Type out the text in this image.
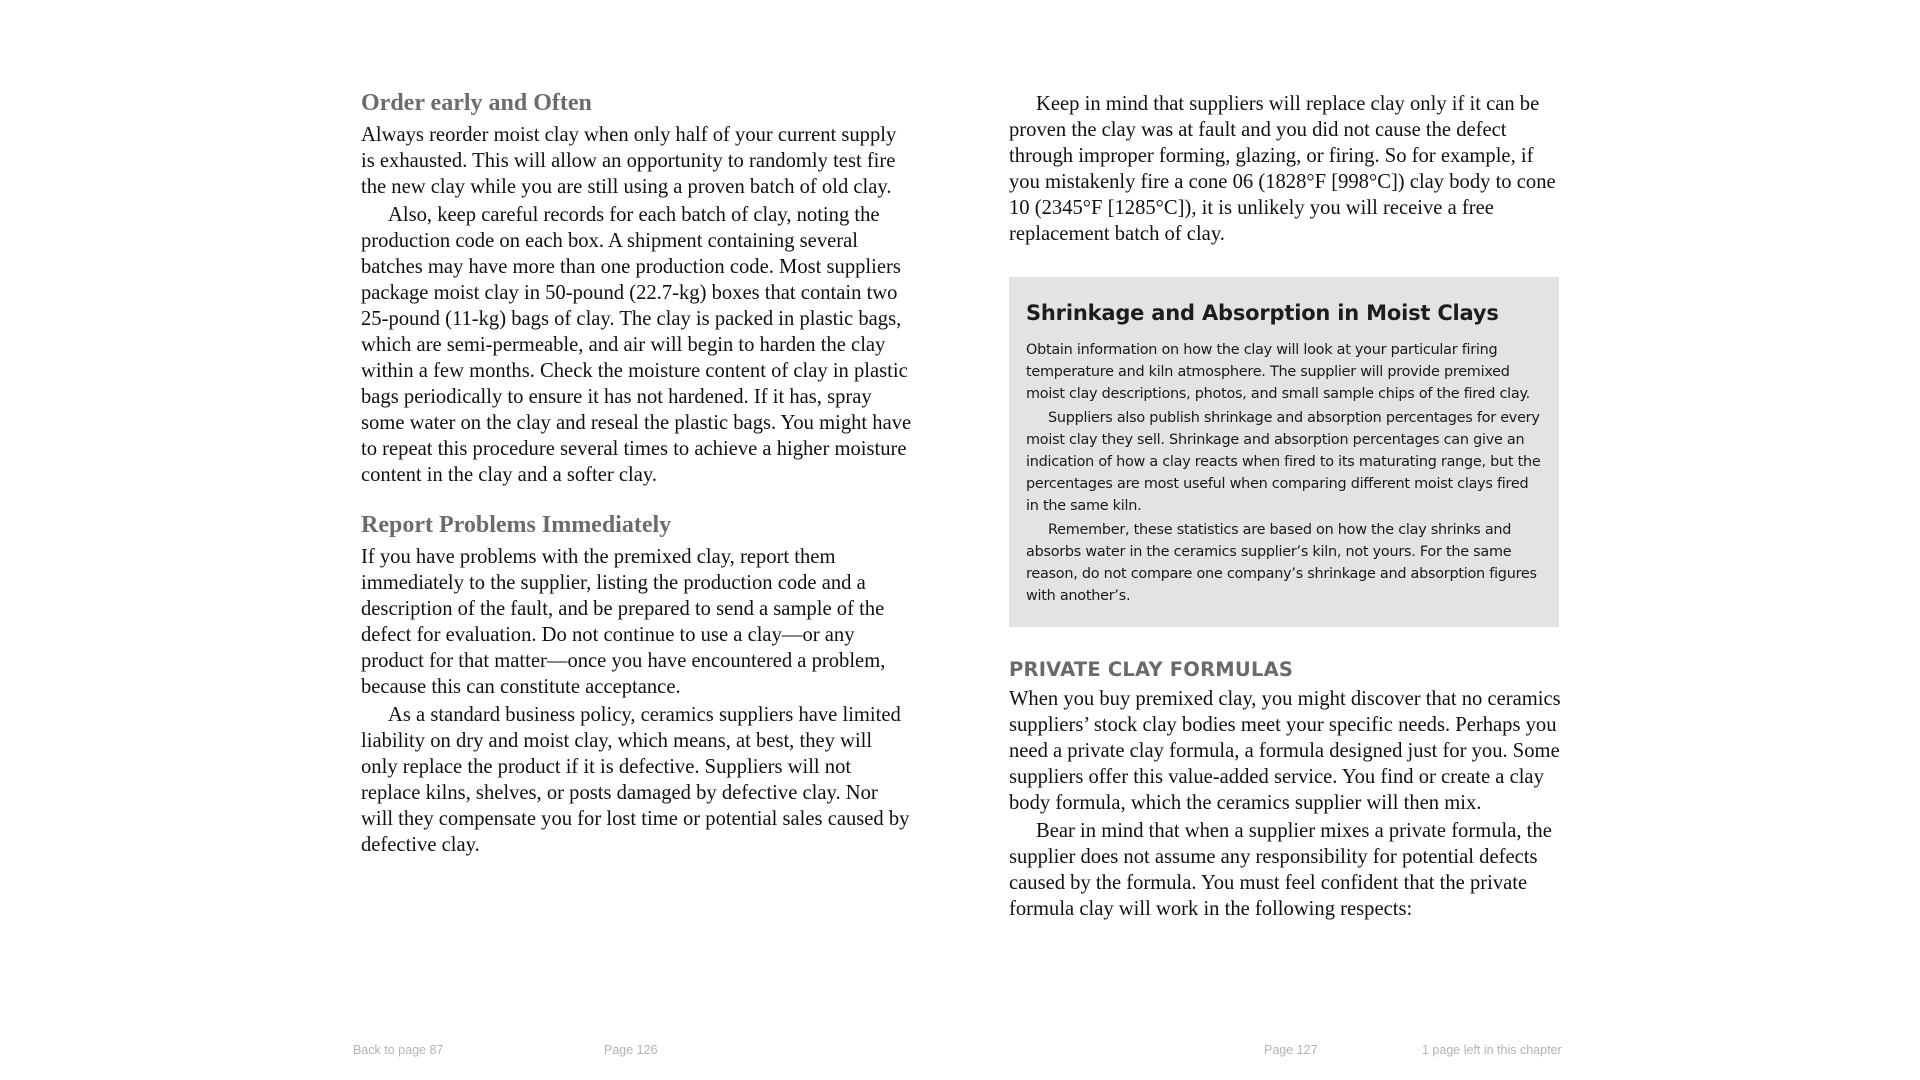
Order early and Often

Always reorder moist clay when only half of your current supply is exhausted. This will allow an opportunity to randomly test fire the new clay while you are still using a proven batch of old clay.

Also, keep careful records for each batch of clay, noting the production code on each box. A shipment containing several batches may have more than one production code. Most suppliers package moist clay in 50-pound (22.7-kg) boxes that contain two 25-pound (11-kg) bags of clay. The clay is packed in plastic bags, which are semi-permeable, and air will begin to harden the clay within a few months. Check the moisture content of clay in plastic bags periodically to ensure it has not hardened. If it has, spray some water on the clay and reseal the plastic bags. You might have to repeat this procedure several times to achieve a higher moisture content in the clay and a softer clay.

Report Problems Immediately

If you have problems with the premixed clay, report them immediately to the supplier, listing the production code and a description of the fault, and be prepared to send a sample of the defect for evaluation. Do not continue to use a clay—or any product for that matter—once you have encountered a problem, because this can constitute acceptance.

As a standard business policy, ceramics suppliers have limited liability on dry and moist clay, which means, at best, they will only replace the product if it is defective. Suppliers will not replace kilns, shelves, or posts damaged by defective clay. Nor will they compensate you for lost time or potential sales caused by defective clay.

Keep in mind that suppliers will replace clay only if it can be proven the clay was at fault and you did not cause the defect through improper forming, glazing, or firing. So for example, if you mistakenly fire a cone 06 (1828°F [998°C]) clay body to cone 10 (2345°F [1285°C]), it is unlikely you will receive a free replacement batch of clay.

Shrinkage and Absorption in Moist Clays

Obtain information on how the clay will look at your particular firing temperature and kiln atmosphere. The supplier will provide premixed moist clay descriptions, photos, and small sample chips of the fired clay.

Suppliers also publish shrinkage and absorption percentages for every moist clay they sell. Shrinkage and absorption percentages can give an indication of how a clay reacts when fired to its maturating range, but the percentages are most useful when comparing different moist clays fired in the same kiln.

Remember, these statistics are based on how the clay shrinks and absorbs water in the ceramics supplier’s kiln, not yours. For the same reason, do not compare one company’s shrinkage and absorption figures with another’s.

PRIVATE CLAY FORMULAS

When you buy premixed clay, you might discover that no ceramics suppliers’ stock clay bodies meet your specific needs. Perhaps you need a private clay formula, a formula designed just for you. Some suppliers offer this value-added service. You find or create a clay body formula, which the ceramics supplier will then mix.

Bear in mind that when a supplier mixes a private formula, the supplier does not assume any responsibility for potential defects caused by the formula. You must feel confident that the private formula clay will work in the following respects:

Back to page 87	Page 126	Page 127	1 page left in this chapter
